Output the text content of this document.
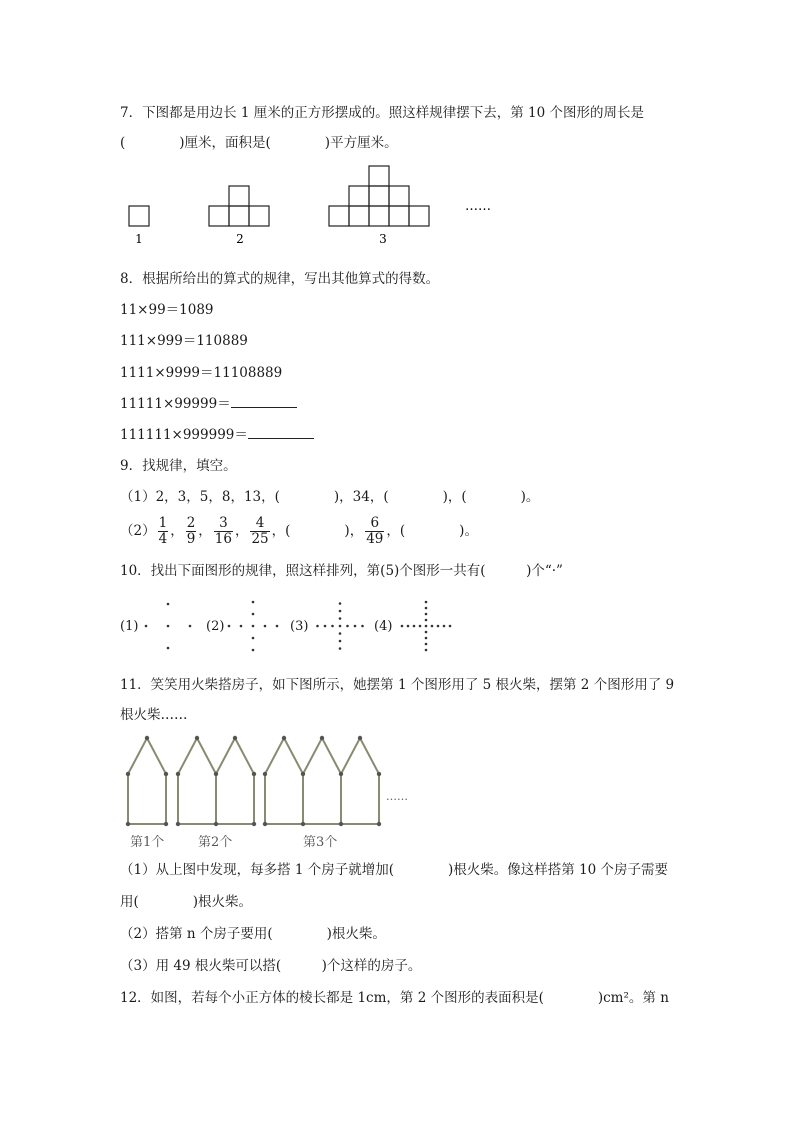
7．下图都是用边长 1 厘米的正方形摆成的。照这样规律摆下去，第 10 个图形的周长是
(　　　　)厘米，面积是(　　　　)平方厘米。
1	2	3
……
8．根据所给出的算式的规律，写出其他算式的得数。
11×99＝1089
111×999＝110889
1111×9999＝11108889
11111×99999＝
111111×999999＝
9．找规律，填空。
（1）2，3，5，8，13，(　　　　)，34，(　　　　)，(　　　　)。
$(2) \frac{1}{4}$ ， $\frac{2}{9}$ ， $\frac{3}{16}$ ， $\frac{4}{25}$ ，(　　　　)， $\frac{6}{49}$ ，(　　　　)。
10．找出下面图形的规律，照这样排列，第(5)个图形一共有(　　　)个“·”
(1)	(2)	(3)	(4)
11．笑笑用火柴搭房子，如下图所示，她摆第 1 个图形用了 5 根火柴，摆第 2 个图形用了 9
根火柴……
第1个	第2个	第3个
……
（1）从上图中发现，每多搭 1 个房子就增加(　　　　)根火柴。像这样搭第 10 个房子需要
用(　　　　)根火柴。
（2）搭第 n 个房子要用(　　　　)根火柴。
（3）用 49 根火柴可以搭(　　　)个这样的房子。
12．如图，若每个小正方体的棱长都是 1cm，第 2 个图形的表面积是(　　　　)cm²。第 n
